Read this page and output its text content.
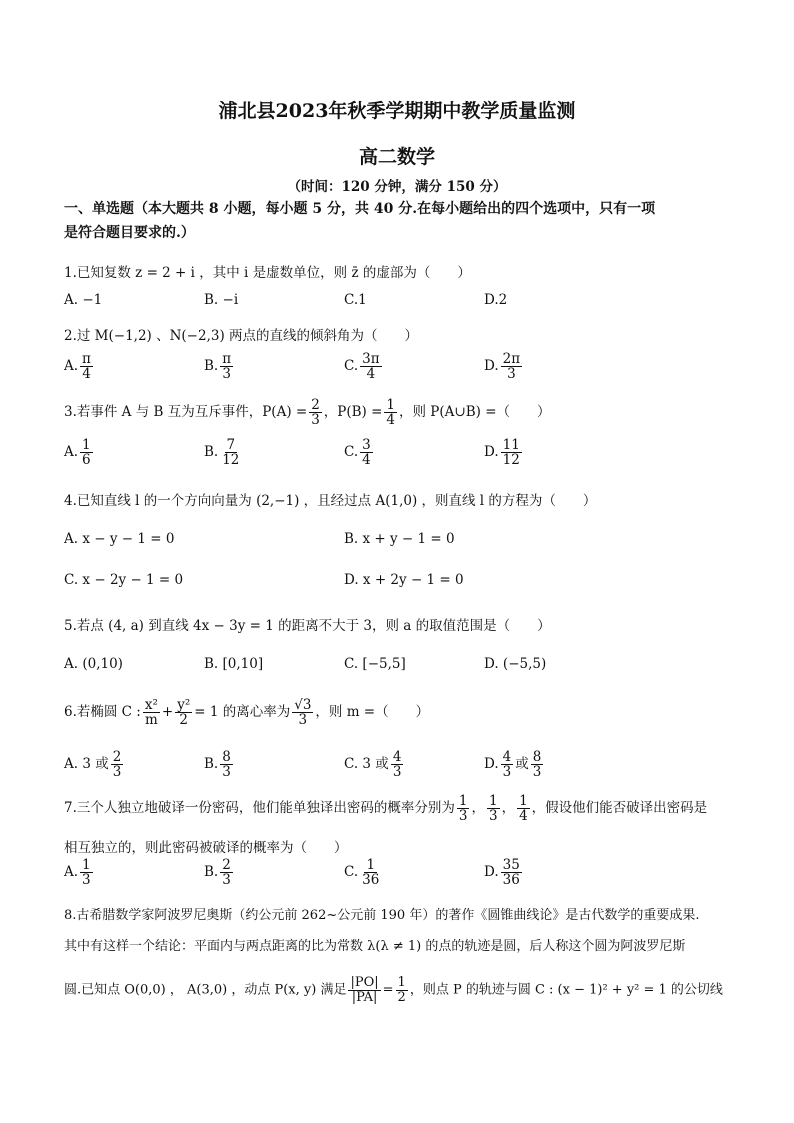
浦北县2023年秋季学期期中教学质量监测
高二数学
（时间：120 分钟，满分 150 分）
一、单选题（本大题共 8 小题，每小题 5 分，共 40 分.在每小题给出的四个选项中，只有一项
是符合题目要求的.）
1.已知复数 z = 2 + i ，其中 i 是虚数单位，则 z̄ 的虚部为（　　）
A. −1	B. −i	C.1	D.2
2.过 M(−1,2) 、N(−2,3) 两点的直线的倾斜角为（　　）
A. $\frac{\pi}{4}$	B. $\frac{\pi}{3}$	C. $\frac{3\pi}{4}$	D. $\frac{2\pi}{3}$
3.若事件 A 与 B 互为互斥事件，$P(A) = \frac{2}{3}$ ，$P(B) = \frac{1}{4}$ ，则 P(A∪B) =（　　）
A. $\frac{1}{6}$	B. $\frac{7}{12}$	C. $\frac{3}{4}$	D. $\frac{11}{12}$
4.已知直线 l 的一个方向向量为 (2,−1) ，且经过点 A(1,0) ，则直线 l 的方程为（　　）
A. x − y − 1 = 0	B. x + y − 1 = 0
C. x − 2y − 1 = 0	D. x + 2y − 1 = 0
5.若点 (4, a) 到直线 4x − 3y = 1 的距离不大于 3，则 a 的取值范围是（　　）
A. (0,10)	B. [0,10]	C. [−5,5]	D. (−5,5)
6.若椭圆 C : $\frac{\text{x²}}{m} + \frac{\text{y²}}{2} = 1$ 的离心率为 $\frac{√3}{3}$ ，则 m =（　　）
A. 3 或 $\frac{2}{3}$	B. $\frac{8}{3}$	C. 3 或 $\frac{4}{3}$	D. $\frac{4}{3}$ 或 $\frac{8}{3}$
7.三个人独立地破译一份密码，他们能单独译出密码的概率分别为 $\frac{1}{3}$ ， $\frac{1}{3}$ ， $\frac{1}{4}$ ，假设他们能否破译出密码是
相互独立的，则此密码被破译的概率为（　　）
A. $\frac{1}{3}$	B. $\frac{2}{3}$	C. $\frac{1}{36}$	D. $\frac{35}{36}$
8.古希腊数学家阿波罗尼奥斯（约公元前 262~公元前 190 年）的著作《圆锥曲线论》是古代数学的重要成果.
其中有这样一个结论：平面内与两点距离的比为常数 λ(λ ≠ 1) 的点的轨迹是圆，后人称这个圆为阿波罗尼斯
圆.已知点 O(0,0) ， A(3,0) ，动点 P(x, y) 满足 $\frac{|PO|}{|PA|} = \frac{1}{2}$ ，则点 P 的轨迹与圆 C : (x − 1)² + y² = 1 的公切线
